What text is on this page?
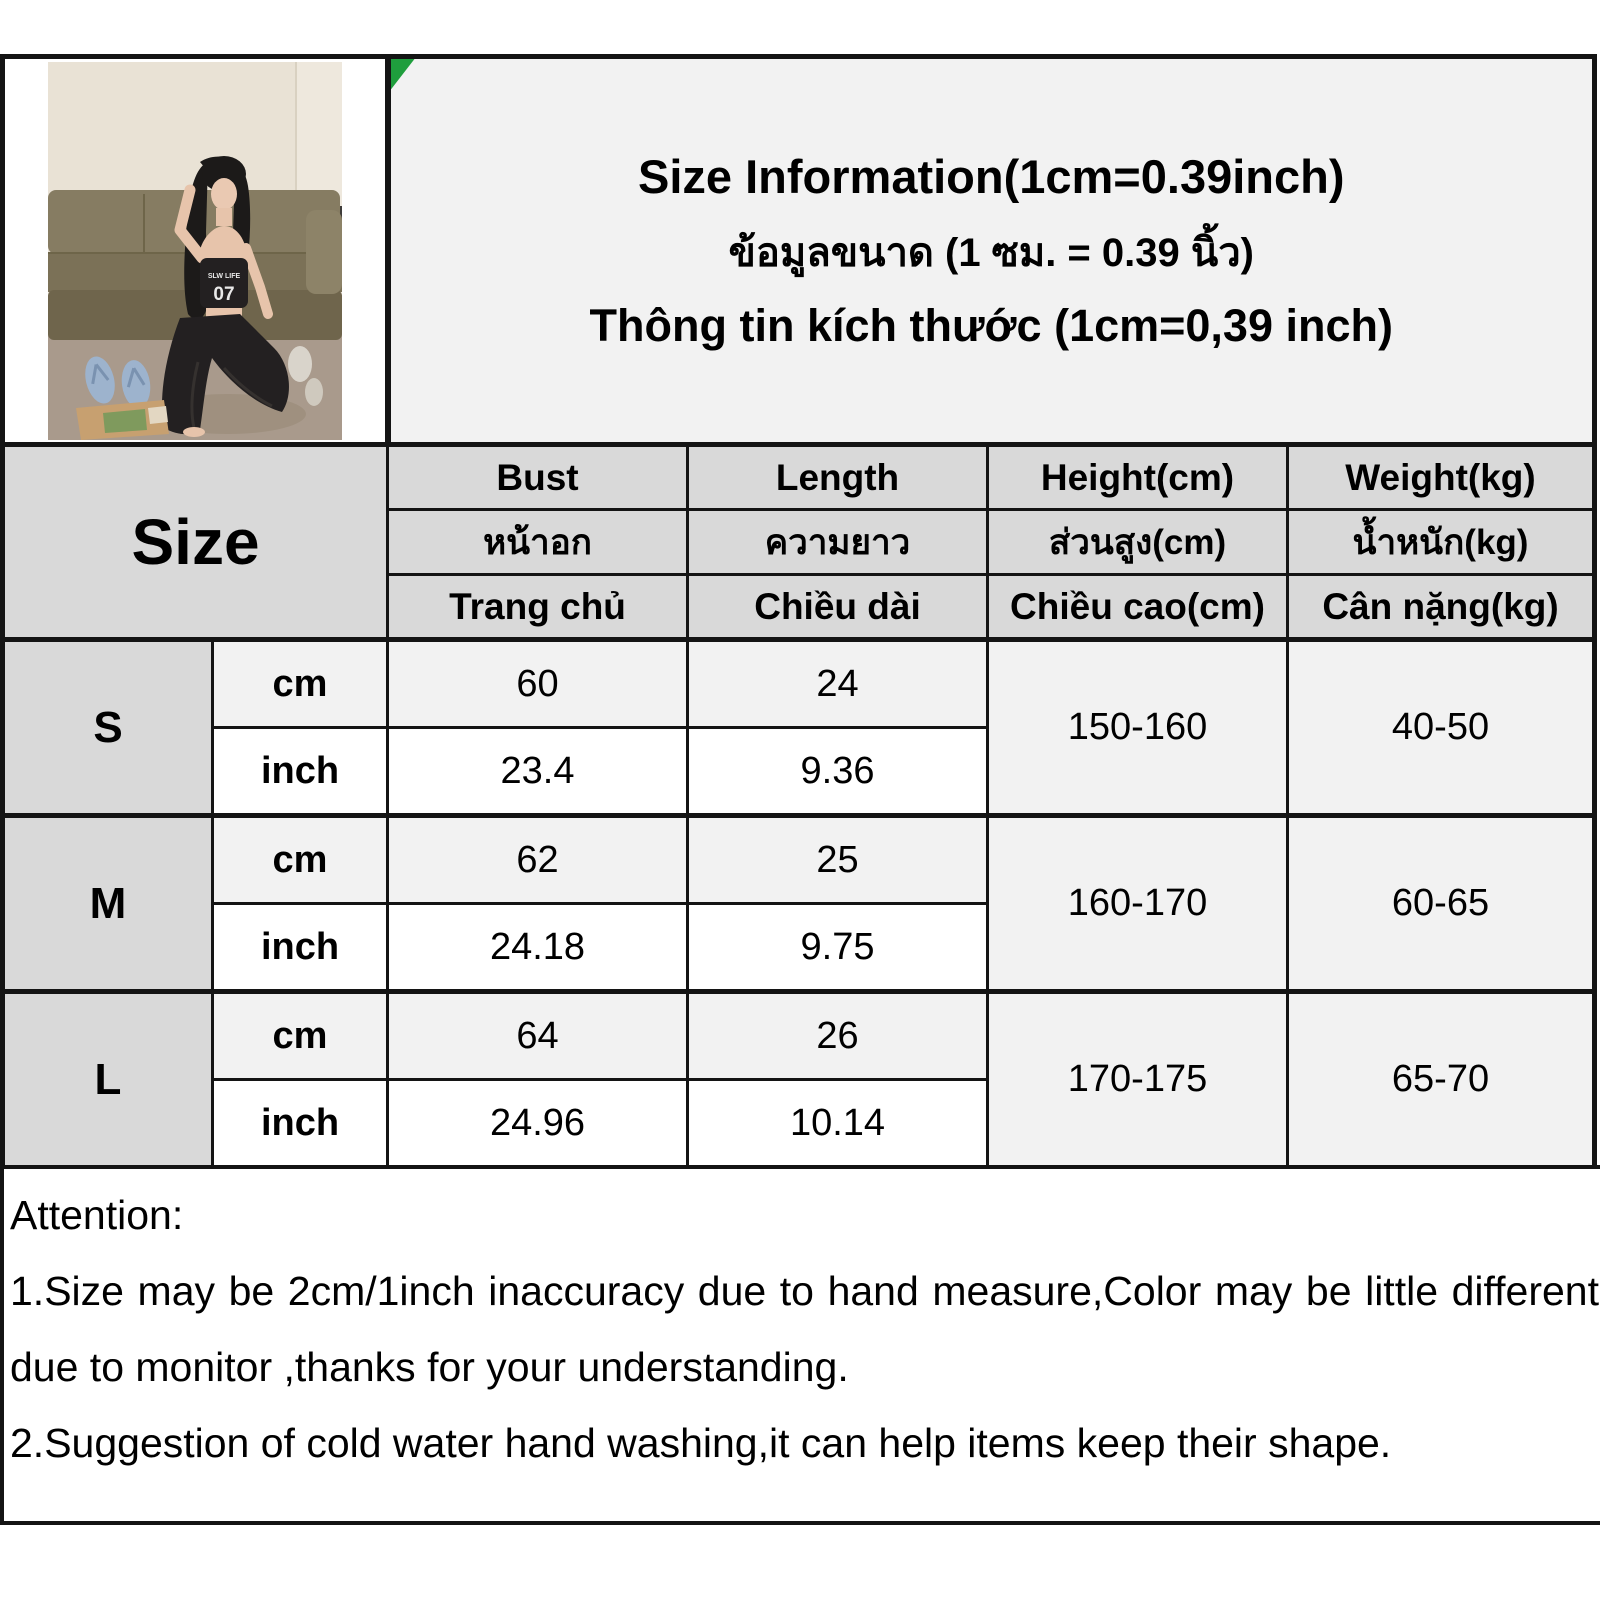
SLW LIFE
07

Size Information(1cm=0.39inch)
ข้อมูลขนาด (1 ซม. = 0.39 นิ้ว)
Thông tin kích thước (1cm=0,39 inch)

Size		Bust	Length	Height(cm)	Weight(kg)
		หน้าอก	ความยาว	ส่วนสูง(cm)	น้ำหนัก(kg)
		Trang chủ	Chiều dài	Chiều cao(cm)	Cân nặng(kg)
S	cm	60	24	150-160	40-50
	inch	23.4	9.36		
M	cm	62	25	160-170	60-65
	inch	24.18	9.75		
L	cm	64	26	170-175	65-70
	inch	24.96	10.14		
Attention:
1.Size may be 2cm/1inch inaccuracy due to hand measure,Color may be little different
due to monitor ,thanks for your understanding.
2.Suggestion of cold water hand washing,it can help items keep their shape.
